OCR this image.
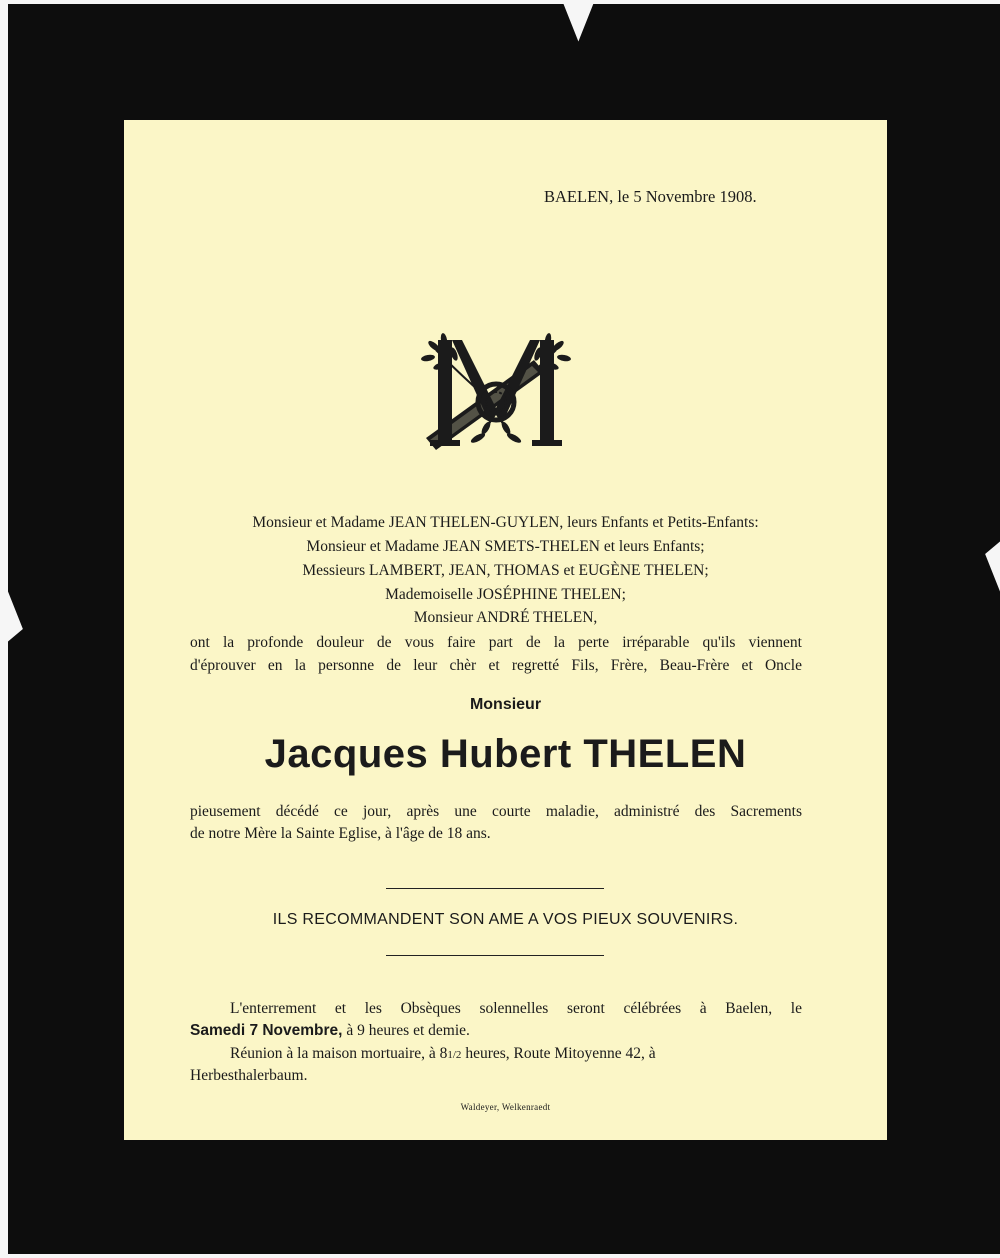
BAELEN, le 5 Novembre 1908.
Monsieur et Madame JEAN THELEN-GUYLEN, leurs Enfants et Petits-Enfants:
Monsieur et Madame JEAN SMETS-THELEN et leurs Enfants;
Messieurs LAMBERT, JEAN, THOMAS et EUGÈNE THELEN;
Mademoiselle JOSÉPHINE THELEN;
Monsieur ANDRÉ THELEN,
ont la profonde douleur de vous faire part de la perte irréparable qu'ils viennent
d'éprouver en la personne de leur chèr et regretté Fils, Frère, Beau-Frère et Oncle
Monsieur
Jacques Hubert THELEN
pieusement décédé ce jour, après une courte maladie, administré des Sacrements
de notre Mère la Sainte Eglise, à l'âge de 18 ans.
ILS RECOMMANDENT SON AME A VOS PIEUX SOUVENIRS.
L'enterrement et les Obsèques solennelles seront célébrées à Baelen, le
Samedi 7 Novembre, à 9 heures et demie.
Réunion à la maison mortuaire, à 81/2 heures, Route Mitoyenne 42, à
Herbesthalerbaum.
Waldeyer, Welkenraedt
